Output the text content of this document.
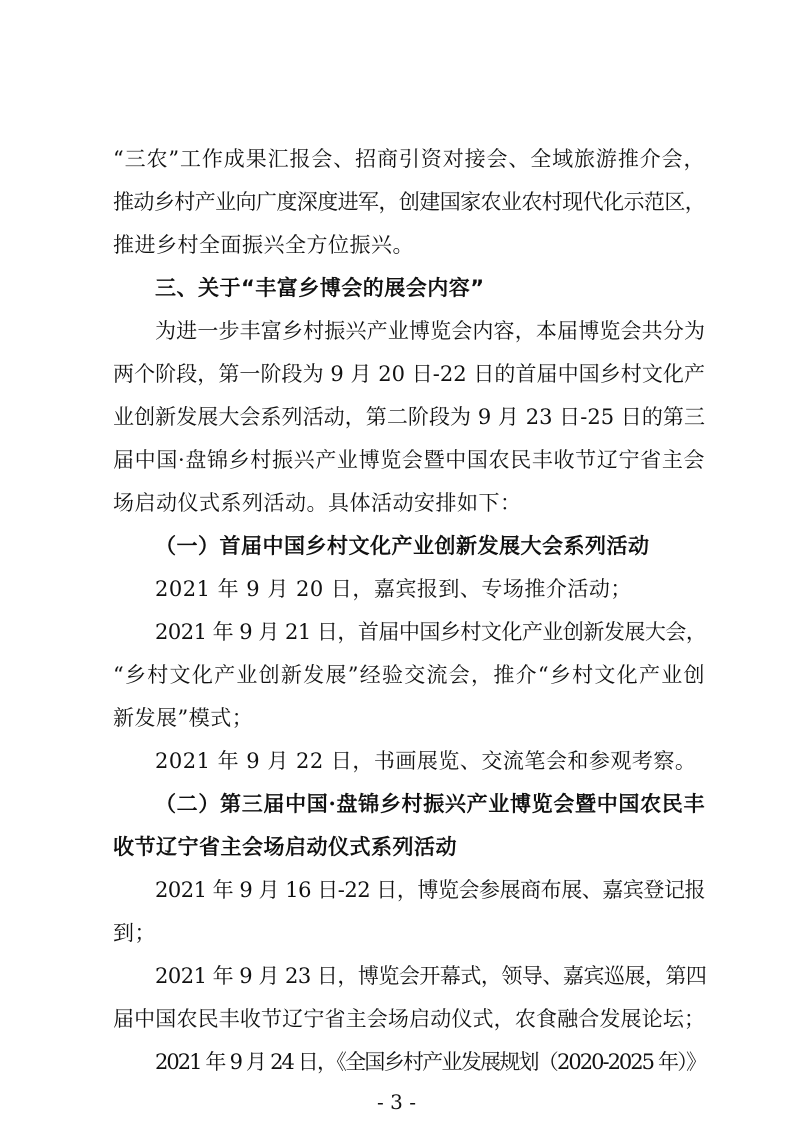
“三农”工作成果汇报会、招商引资对接会、全域旅游推介会，
推动乡村产业向广度深度进军，创建国家农业农村现代化示范区，
推进乡村全面振兴全方位振兴。
三、关于“丰富乡博会的展会内容”
为进一步丰富乡村振兴产业博览会内容，本届博览会共分为
两个阶段，第一阶段为 9 月 20 日-22 日的首届中国乡村文化产
业创新发展大会系列活动，第二阶段为 9 月 23 日-25 日的第三
届中国·盘锦乡村振兴产业博览会暨中国农民丰收节辽宁省主会
场启动仪式系列活动。具体活动安排如下：
（一）首届中国乡村文化产业创新发展大会系列活动
2021 年 9 月 20 日，嘉宾报到、专场推介活动；
2021 年 9 月 21 日，首届中国乡村文化产业创新发展大会，
“乡村文化产业创新发展”经验交流会，推介“乡村文化产业创
新发展”模式；
2021 年 9 月 22 日，书画展览、交流笔会和参观考察。
（二）第三届中国·盘锦乡村振兴产业博览会暨中国农民丰
收节辽宁省主会场启动仪式系列活动
2021 年 9 月 16 日-22 日，博览会参展商布展、嘉宾登记报
到；
2021 年 9 月 23 日，博览会开幕式，领导、嘉宾巡展，第四
届中国农民丰收节辽宁省主会场启动仪式，农食融合发展论坛；
2021 年 9 月 24 日，《全国乡村产业发展规划（2020-2025 年）》
- 3 -
